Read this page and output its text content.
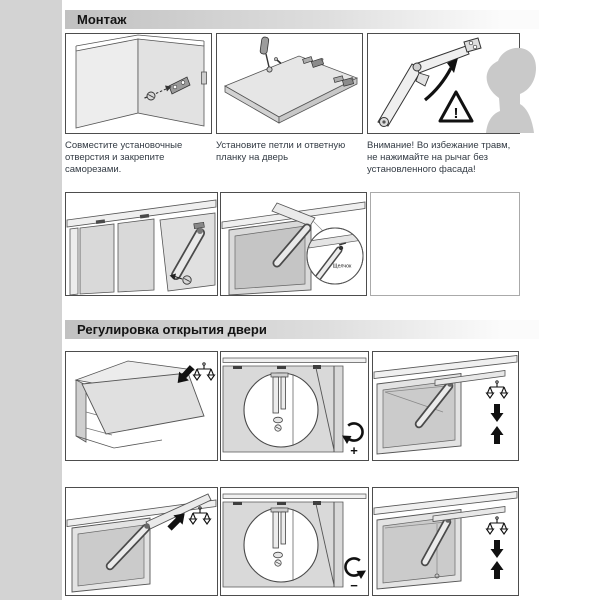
Монтаж
!
Совместите установочные отверстия и закрепите саморезами.
Установите петли и ответную планку на дверь
Внимание! Во избежание травм, не нажимайте на рычаг без установленного фасада!
Щелчок
Регулировка открытия двери
+
−
